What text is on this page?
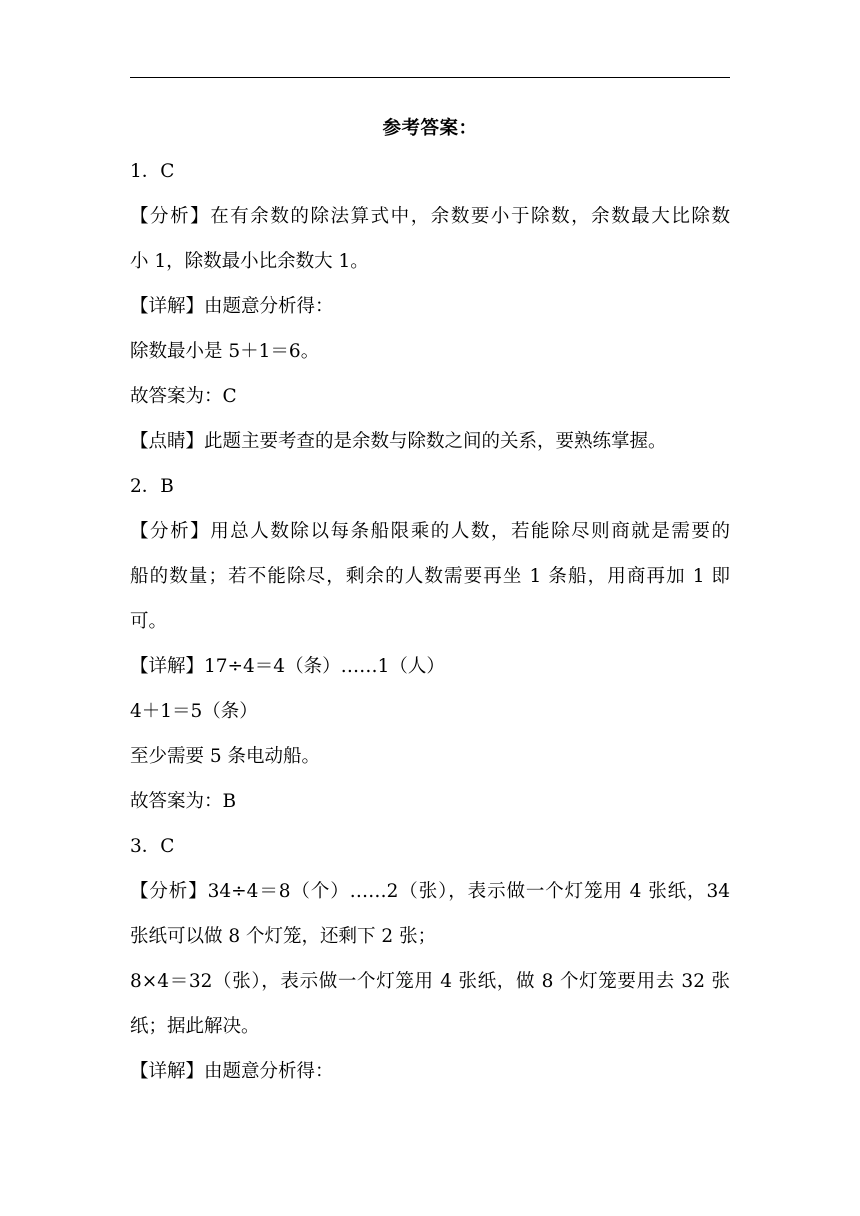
参考答案：
1．C
【分析】在有余数的除法算式中，余数要小于除数，余数最大比除数
小 1，除数最小比余数大 1。
【详解】由题意分析得：
除数最小是 5＋1＝6。
故答案为：C
【点睛】此题主要考查的是余数与除数之间的关系，要熟练掌握。
2．B
【分析】用总人数除以每条船限乘的人数，若能除尽则商就是需要的
船的数量；若不能除尽，剩余的人数需要再坐 1 条船，用商再加 1 即
可。
【详解】17÷4＝4（条）……1（人）
4＋1＝5（条）
至少需要 5 条电动船。
故答案为：B
3．C
【分析】34÷4＝8（个）……2（张），表示做一个灯笼用 4 张纸，34
张纸可以做 8 个灯笼，还剩下 2 张；
8×4＝32（张），表示做一个灯笼用 4 张纸，做 8 个灯笼要用去 32 张
纸；据此解决。
【详解】由题意分析得：
